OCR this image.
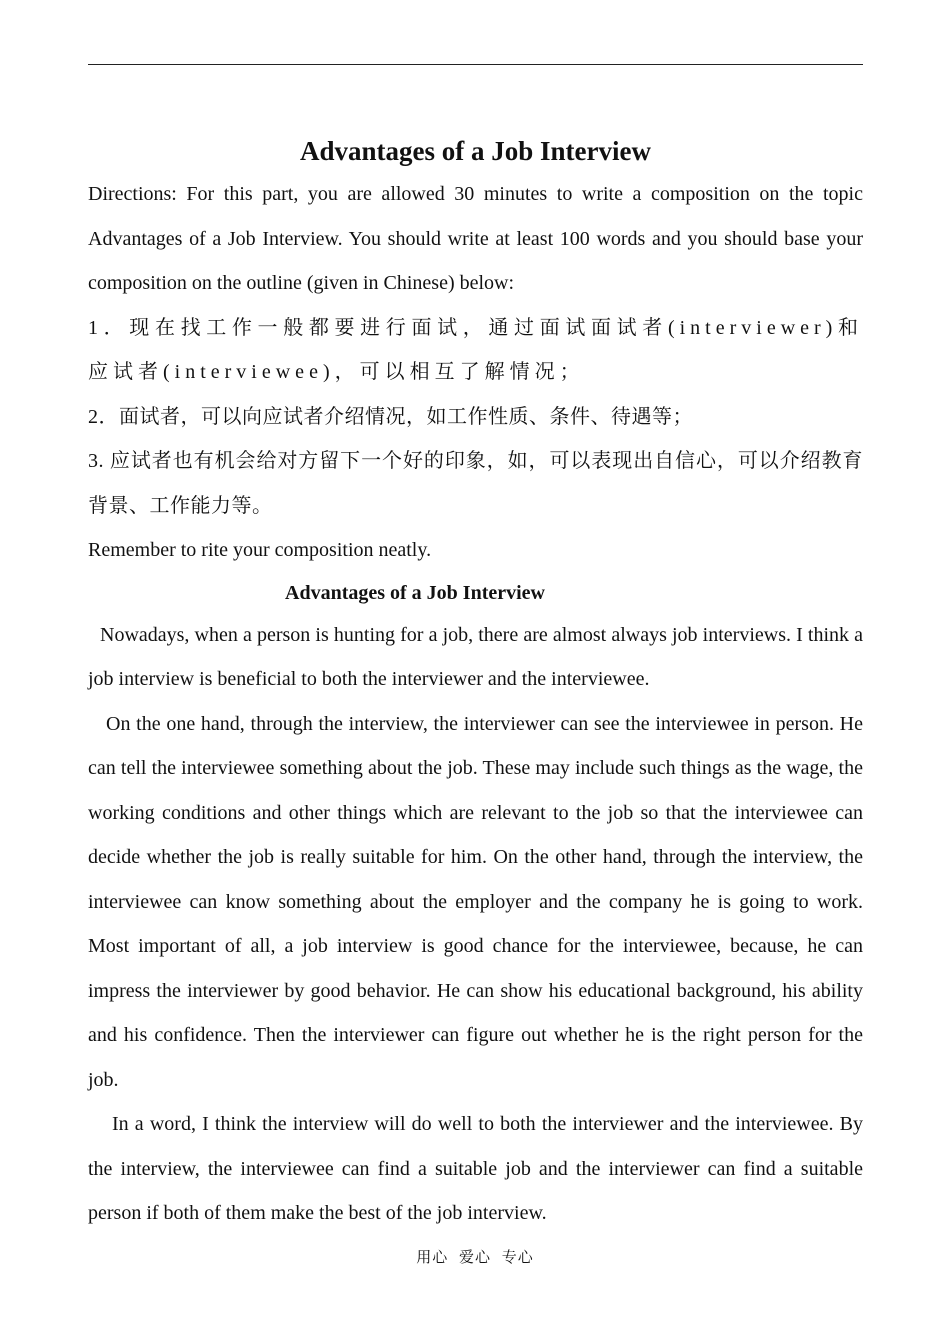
Advantages of a Job Interview

Directions: For this part, you are allowed 30 minutes to write a composition on the topic Advantages of a Job Interview. You should write at least 100 words and you should base your composition on the outline (given in Chinese) below:

1．现在找工作一般都要进行面试，通过面试面试者(interviewer)和应试者(interviewee)，可以相互了解情况；

2．面试者，可以向应试者介绍情况，如工作性质、条件、待遇等；

3. 应试者也有机会给对方留下一个好的印象，如，可以表现出自信心，可以介绍教育背景、工作能力等。

Remember to rite your composition neatly.

Advantages of a Job Interview

Nowadays, when a person is hunting for a job, there are almost always job interviews. I think a job interview is beneficial to both the interviewer and the interviewee.

On the one hand, through the interview, the interviewer can see the interviewee in person. He can tell the interviewee something about the job. These may include such things as the wage, the working conditions and other things which are relevant to the job so that the interviewee can decide whether the job is really suitable for him. On the other hand, through the interview, the interviewee can know something about the employer and the company he is going to work. Most important of all, a job interview is good chance for the interviewee, because, he can impress the interviewer by good behavior. He can show his educational background, his ability and his confidence. Then the interviewer can figure out whether he is the right person for the job.

In a word, I think the interview will do well to both the interviewer and the interviewee. By the interview, the interviewee can find a suitable job and the interviewer can find a suitable person if both of them make the best of the job interview.

用心 爱心 专心
